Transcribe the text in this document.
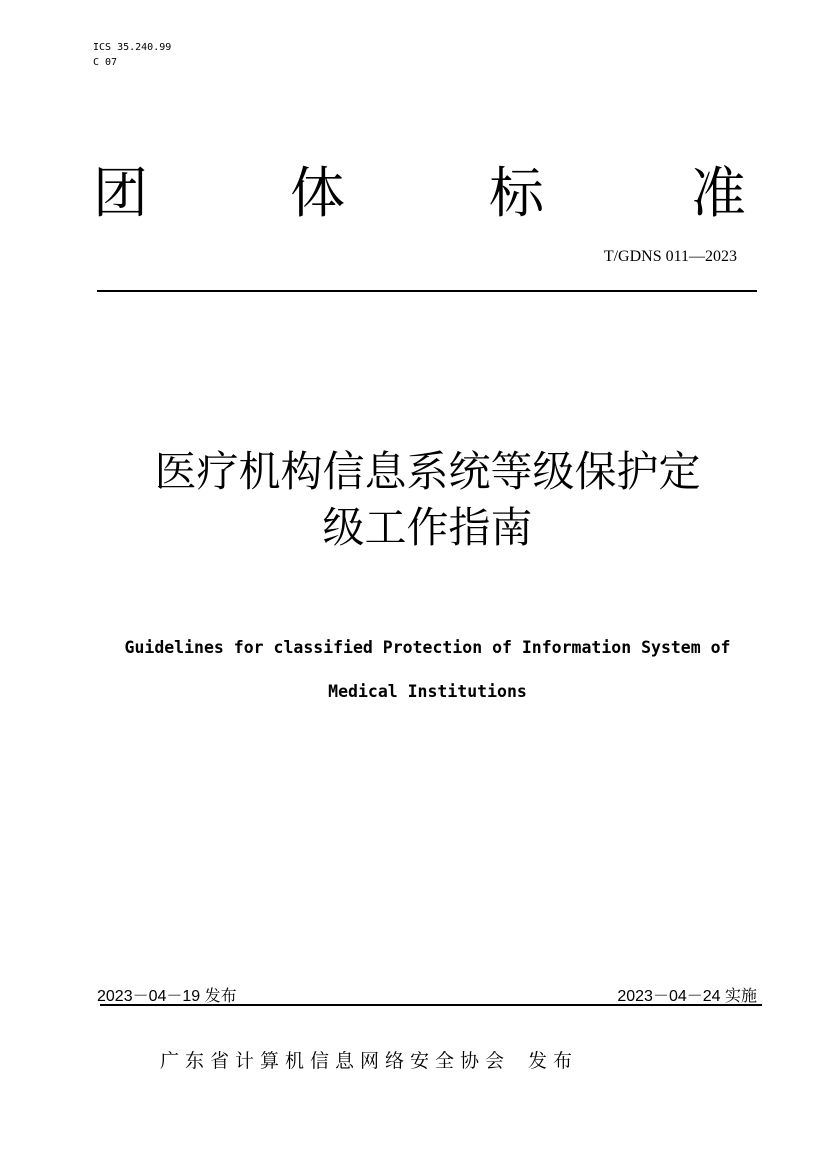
ICS 35.240.99
C 07
团	体	标	准
T/GDNS 011—2023
医疗机构信息系统等级保护定
级工作指南
Guidelines for classified Protection of Information System of
Medical Institutions
2023－04－19 发布	2023－04－24 实施
广东省计算机信息网络安全协会 发布
